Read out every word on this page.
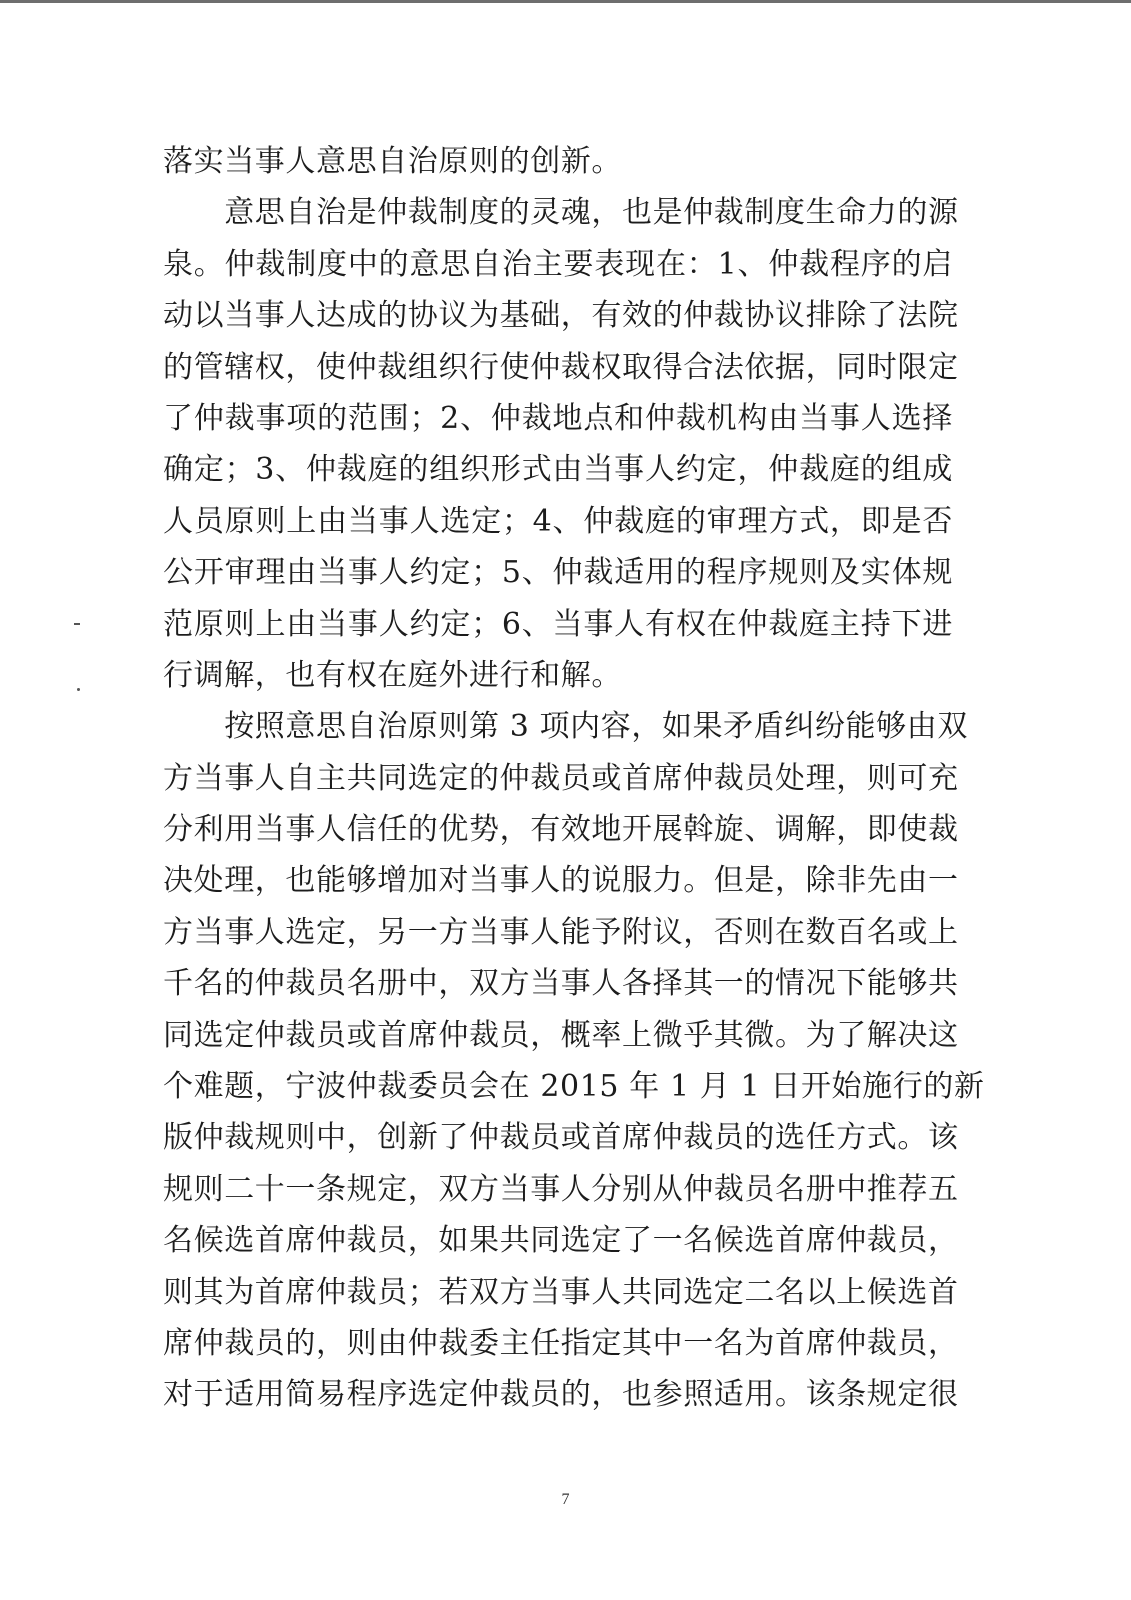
落实当事人意思自治原则的创新。
　　意思自治是仲裁制度的灵魂，也是仲裁制度生命力的源
泉。仲裁制度中的意思自治主要表现在：1、仲裁程序的启
动以当事人达成的协议为基础，有效的仲裁协议排除了法院
的管辖权，使仲裁组织行使仲裁权取得合法依据，同时限定
了仲裁事项的范围；2、仲裁地点和仲裁机构由当事人选择
确定；3、仲裁庭的组织形式由当事人约定，仲裁庭的组成
人员原则上由当事人选定；4、仲裁庭的审理方式，即是否
公开审理由当事人约定；5、仲裁适用的程序规则及实体规
范原则上由当事人约定；6、当事人有权在仲裁庭主持下进
行调解，也有权在庭外进行和解。
　　按照意思自治原则第 3 项内容，如果矛盾纠纷能够由双
方当事人自主共同选定的仲裁员或首席仲裁员处理，则可充
分利用当事人信任的优势，有效地开展斡旋、调解，即使裁
决处理，也能够增加对当事人的说服力。但是，除非先由一
方当事人选定，另一方当事人能予附议，否则在数百名或上
千名的仲裁员名册中，双方当事人各择其一的情况下能够共
同选定仲裁员或首席仲裁员，概率上微乎其微。为了解决这
个难题，宁波仲裁委员会在 2015 年 1 月 1 日开始施行的新
版仲裁规则中，创新了仲裁员或首席仲裁员的选任方式。该
规则二十一条规定，双方当事人分别从仲裁员名册中推荐五
名候选首席仲裁员，如果共同选定了一名候选首席仲裁员，
则其为首席仲裁员；若双方当事人共同选定二名以上候选首
席仲裁员的，则由仲裁委主任指定其中一名为首席仲裁员，
对于适用简易程序选定仲裁员的，也参照适用。该条规定很
7
